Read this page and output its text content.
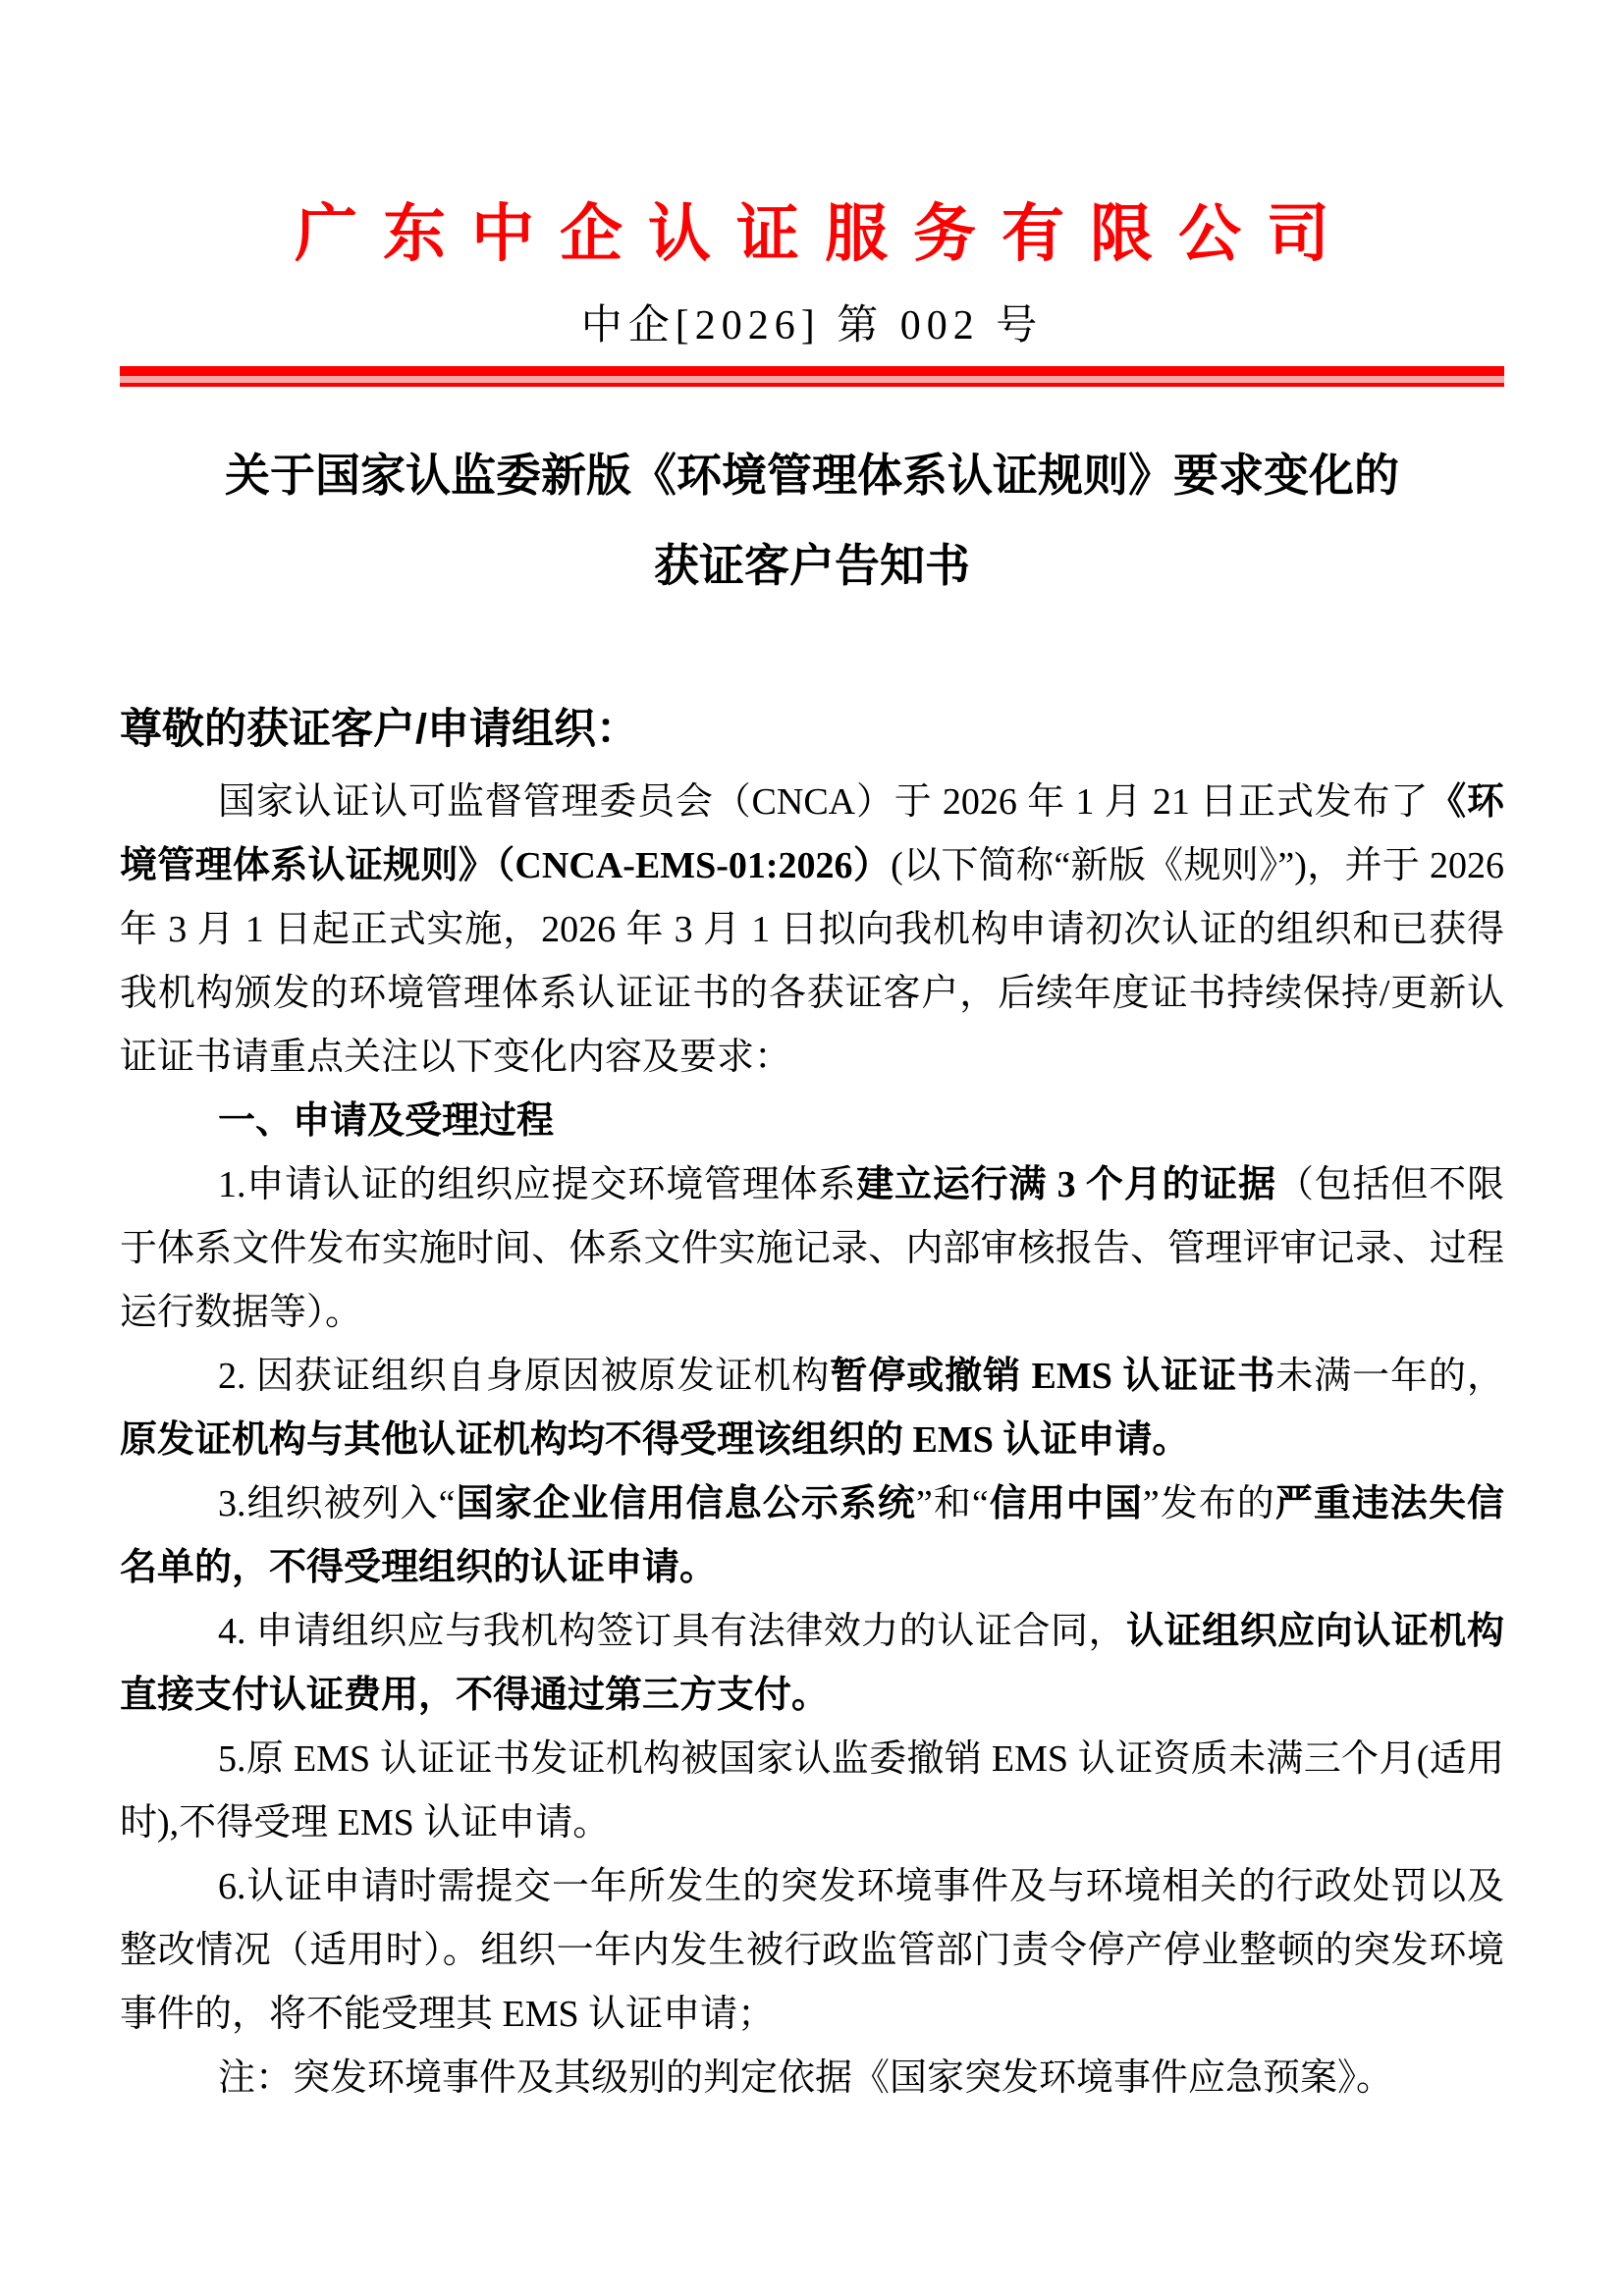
广东中企认证服务有限公司
中企[2026] 第 002 号
关于国家认监委新版《环境管理体系认证规则》要求变化的
获证客户告知书
尊敬的获证客户/申请组织：

国家认证认可监督管理委员会（CNCA）于 2026 年 1 月 21 日正式发布了《环境管理体系认证规则》（CNCA-EMS-01:2026）(以下简称“新版《规则》”)，并于 2026 年 3 月 1 日起正式实施，2026 年 3 月 1 日拟向我机构申请初次认证的组织和已获得我机构颁发的环境管理体系认证证书的各获证客户，后续年度证书持续保持/更新认证证书请重点关注以下变化内容及要求：

一、申请及受理过程

1.申请认证的组织应提交环境管理体系建立运行满 3 个月的证据（包括但不限于体系文件发布实施时间、体系文件实施记录、内部审核报告、管理评审记录、过程运行数据等）。

2. 因获证组织自身原因被原发证机构暂停或撤销 EMS 认证证书未满一年的，原发证机构与其他认证机构均不得受理该组织的 EMS 认证申请。

3.组织被列入“国家企业信用信息公示系统”和“信用中国”发布的严重违法失信名单的，不得受理组织的认证申请。

4. 申请组织应与我机构签订具有法律效力的认证合同，认证组织应向认证机构直接支付认证费用，不得通过第三方支付。

5.原 EMS 认证证书发证机构被国家认监委撤销 EMS 认证资质未满三个月(适用时),不得受理 EMS 认证申请。

6.认证申请时需提交一年所发生的突发环境事件及与环境相关的行政处罚以及整改情况（适用时）。组织一年内发生被行政监管部门责令停产停业整顿的突发环境事件的，将不能受理其 EMS 认证申请；

注：突发环境事件及其级别的判定依据《国家突发环境事件应急预案》。
